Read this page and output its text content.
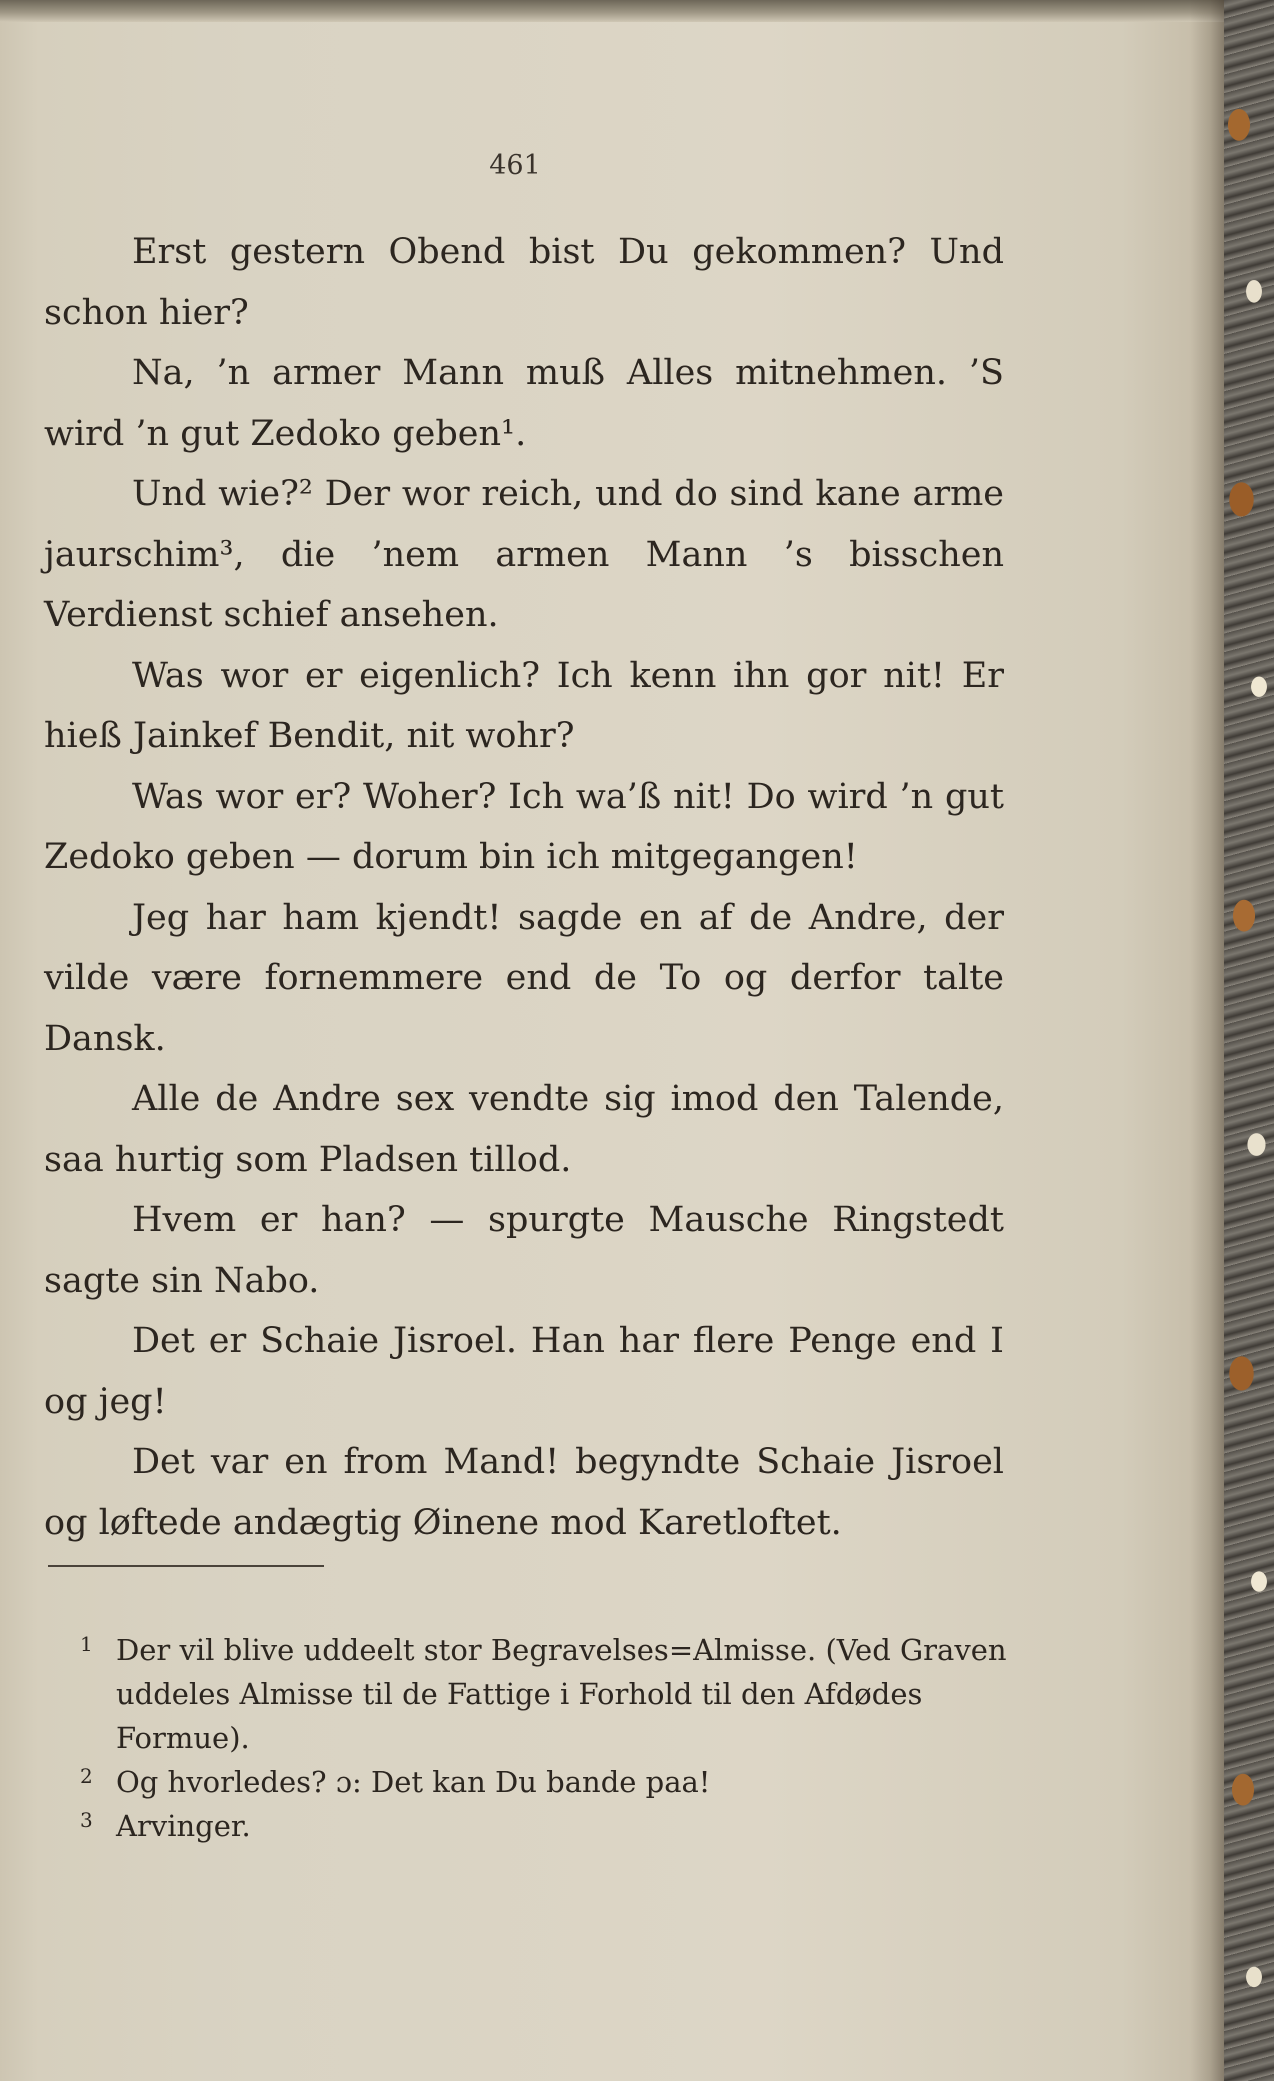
461

Erst gestern Obend bist Du gekommen? Und schon hier?

Na, ’n armer Mann muß Alles mitnehmen. ’S wird ’n gut Zedoko geben¹.

Und wie?² Der wor reich, und do sind kane arme jaurschim³, die ’nem armen Mann ’s bisschen Verdienst schief ansehen.

Was wor er eigenlich? Ich kenn ihn gor nit! Er hieß Jainkef Bendit, nit wohr?

Was wor er? Woher? Ich wa’ß nit! Do wird ’n gut Zedoko geben — dorum bin ich mitgegangen!

Jeg har ham kjendt! sagde en af de Andre, der vilde være fornemmere end de To og derfor talte Dansk.

Alle de Andre sex vendte sig imod den Talende, saa hurtig som Pladsen tillod.

Hvem er han? — spurgte Mausche Ringstedt sagte sin Nabo.

Det er Schaie Jisroel. Han har flere Penge end I og jeg!

Det var en from Mand! begyndte Schaie Jisroel og løftede andægtig Øinene mod Karetloftet.

1 Der vil blive uddeelt stor Begravelses=Almisse. (Ved Graven uddeles Almisse til de Fattige i Forhold til den Afdødes Formue).

2 Og hvorledes? ɔ: Det kan Du bande paa!

3 Arvinger.
